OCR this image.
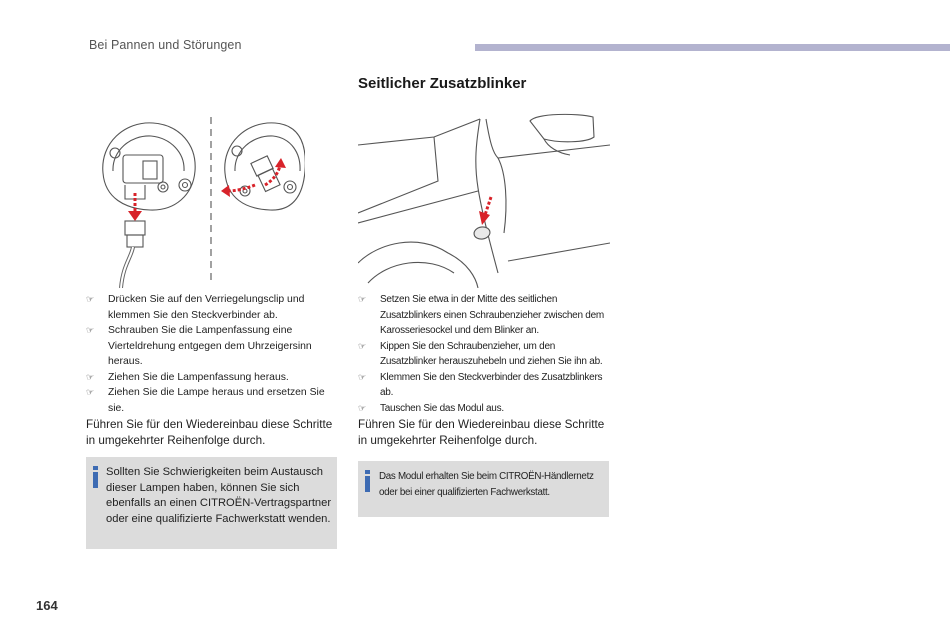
Bei Pannen und Störungen
Seitlicher Zusatzblinker
☞ Drücken Sie auf den Verriegelungsclip und klemmen Sie den Steckverbinder ab.
☞ Schrauben Sie die Lampenfassung eine Vierteldrehung entgegen dem Uhrzeigersinn heraus.
☞ Ziehen Sie die Lampenfassung heraus.
☞ Ziehen Sie die Lampe heraus und ersetzen Sie sie.
☞ Setzen Sie etwa in der Mitte des seitlichen Zusatzblinkers einen Schraubenzieher zwischen dem Karosseriesockel und dem Blinker an.
☞ Kippen Sie den Schraubenzieher, um den Zusatzblinker herauszuhebeln und ziehen Sie ihn ab.
☞ Klemmen Sie den Steckverbinder des Zusatzblinkers ab.
☞ Tauschen Sie das Modul aus.
Führen Sie für den Wiedereinbau diese Schritte in umgekehrter Reihenfolge durch.
Führen Sie für den Wiedereinbau diese Schritte in umgekehrter Reihenfolge durch.
Sollten Sie Schwierigkeiten beim Austausch dieser Lampen haben, können Sie sich ebenfalls an einen CITROËN-Vertragspartner oder eine qualifizierte Fachwerkstatt wenden.
Das Modul erhalten Sie beim CITROËN-Händlernetz oder bei einer qualifizierten Fachwerkstatt.
164
